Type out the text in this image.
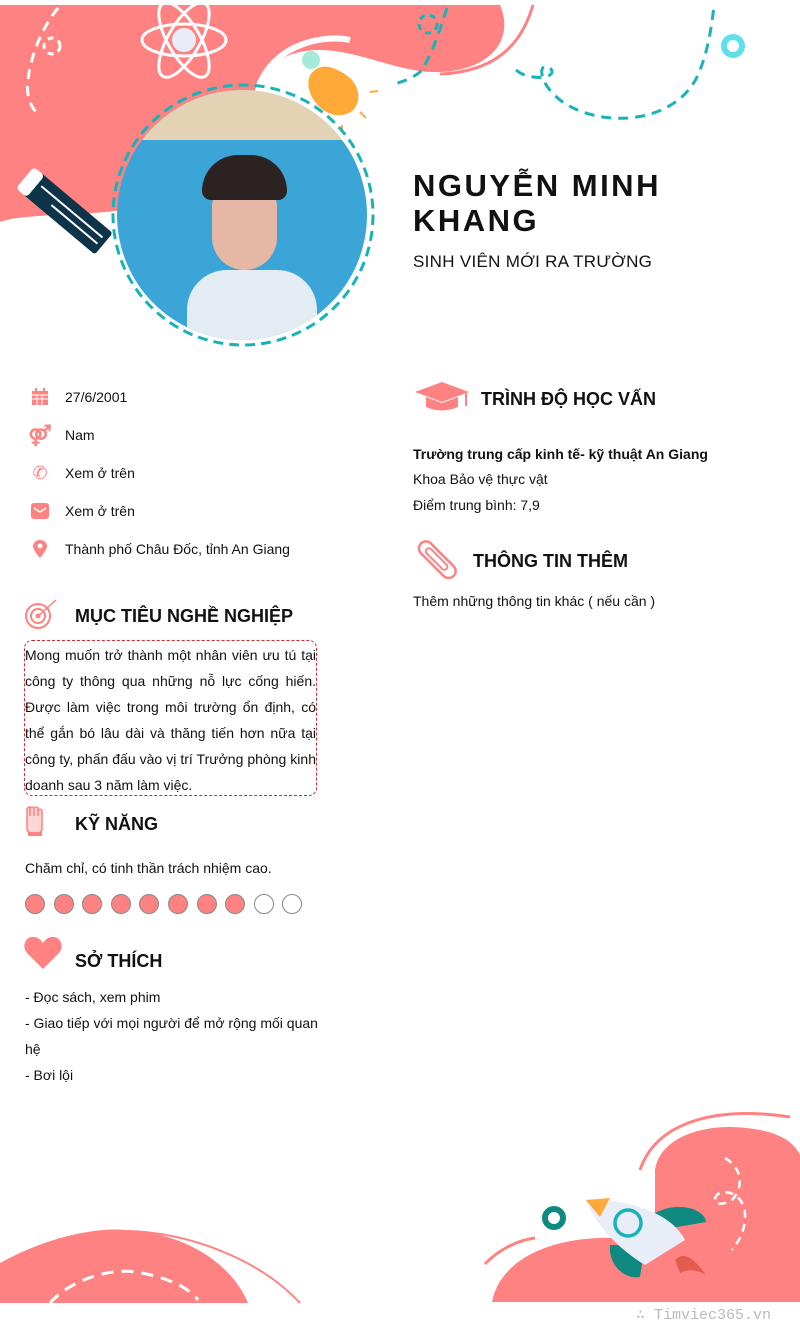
NGUYỄN MINH KHANG
SINH VIÊN MỚI RA TRƯỜNG
27/6/2001
⚤ Nam
✆ Xem ở trên
Xem ở trên
Thành phố Châu Đốc, tỉnh An Giang
MỤC TIÊU NGHỀ NGHIỆP
Mong muốn trở thành một nhân viên ưu tú tại công ty thông qua những nỗ lực cống hiến. Được làm việc trong môi trường ổn định, có thể gắn bó lâu dài và thăng tiến hơn nữa tại công ty, phấn đấu vào vị trí Trưởng phòng kinh doanh sau 3 năm làm việc.
KỸ NĂNG
Chăm chỉ, có tinh thần trách nhiệm cao.
SỞ THÍCH
- Đọc sách, xem phim
- Giao tiếp với mọi người để mở rộng mối quan hệ
- Bơi lội
TRÌNH ĐỘ HỌC VẤN
Trường trung cấp kinh tế- kỹ thuật An Giang
Khoa Bảo vệ thực vật
Điểm trung bình: 7,9
THÔNG TIN THÊM
Thêm những thông tin khác ( nếu cần )
∴ Timviec365.vn
